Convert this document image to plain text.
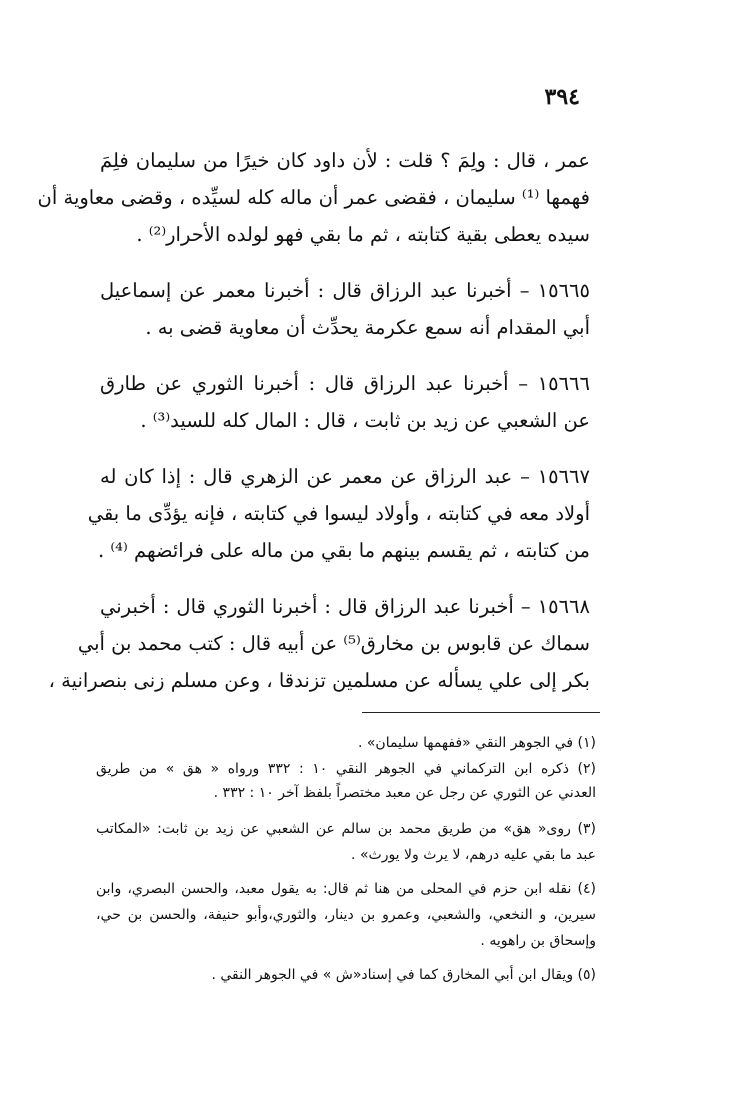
٣٩٤
عمر ، قال : ولِمَ ؟ قلت : لأن داود كان خيرًا من سليمان فلِمَ
فهمها ⁽¹⁾ سليمان ، فقضى عمر أن ماله كله لسيِّده ، وقضى معاوية أن
سيده يعطى بقية كتابته ، ثم ما بقي فهو لولده الأحرار⁽²⁾ .
١٥٦٦٥ – أخبرنا عبد الرزاق قال : أخبرنا معمر عن إسماعيل
أبي المقدام أنه سمع عكرمة يحدِّث أن معاوية قضى به .
١٥٦٦٦ – أخبرنا عبد الرزاق قال : أخبرنا الثوري عن طارق
عن الشعبي عن زيد بن ثابت ، قال : المال كله للسيد⁽³⁾ .
١٥٦٦٧ – عبد الرزاق عن معمر عن الزهري قال : إذا كان له
أولاد معه في كتابته ، وأولاد ليسوا في كتابته ، فإنه يؤدِّى ما بقي
من كتابته ، ثم يقسم بينهم ما بقي من ماله على فرائضهم ⁽⁴⁾ .
١٥٦٦٨ – أخبرنا عبد الرزاق قال : أخبرنا الثوري قال : أخبرني
سماك عن قابوس بن مخارق⁽⁵⁾ عن أبيه قال : كتب محمد بن أبي
بكر إلى علي يسأله عن مسلمين تزندقا ، وعن مسلم زنى بنصرانية ،
(١) في الجوهر النقي «ففهمها سليمان» .
(٢) ذكره ابن التركماني في الجوهر النقي ١٠ : ٣٣٢ ورواه « هق » من طريق
العدني عن الثوري عن رجل عن معبد مختصراً بلفظ آخر ١٠ : ٣٣٢ .
(٣) روى« هق» من طريق محمد بن سالم عن الشعبي عن زيد بن ثابت: «المكاتب
عبد ما بقي عليه درهم، لا يرث ولا يورث» .
(٤) نقله ابن حزم في المحلى من هنا ثم قال: به يقول معبد، والحسن البصري، وابن
سيرين، و النخعي، والشعبي، وعمرو بن دينار، والثوري،وأبو حنيفة، والحسن بن حي،
وإسحاق بن راهويه .
(٥) ويقال ابن أبي المخارق كما في إسناد«ش » في الجوهر النقي .
